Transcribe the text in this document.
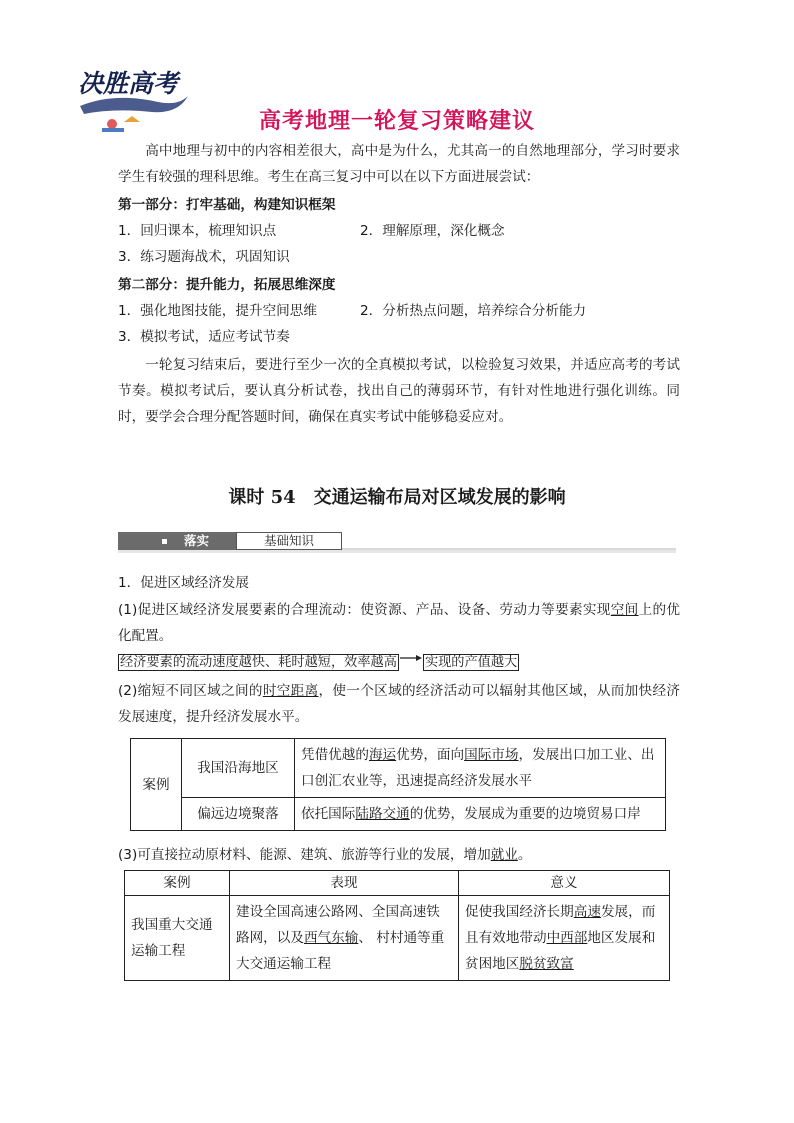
决胜高考
高考地理一轮复习策略建议
高中地理与初中的内容相差很大，高中是为什么，尤其高一的自然地理部分，学习时要求学生有较强的理科思维。考生在高三复习中可以在以下方面进展尝试：
第一部分：打牢基础，构建知识框架
1．回归课本，梳理知识点	2．理解原理，深化概念
3．练习题海战术，巩固知识
第二部分：提升能力，拓展思维深度
1．强化地图技能，提升空间思维	2．分析热点问题，培养综合分析能力
3．模拟考试，适应考试节奏
一轮复习结束后，要进行至少一次的全真模拟考试，以检验复习效果，并适应高考的考试节奏。模拟考试后，要认真分析试卷，找出自己的薄弱环节，有针对性地进行强化训练。同时，要学会合理分配答题时间，确保在真实考试中能够稳妥应对。
课时 54　交通运输布局对区域发展的影响
落实	基础知识
1．促进区域经济发展
(1)促进区域经济发展要素的合理流动：使资源、产品、设备、劳动力等要素实现空间上的优化配置。
经济要素的流动速度越快、耗时越短，效率越高 实现的产值越大
(2)缩短不同区域之间的时空距离，使一个区域的经济活动可以辐射其他区域，从而加快经济发展速度，提升经济发展水平。
案例	我国沿海地区	凭借优越的海运优势，面向国际市场，发展出口加工业、出口创汇农业等，迅速提高经济发展水平
	偏远边境聚落	依托国际陆路交通的优势，发展成为重要的边境贸易口岸
(3)可直接拉动原材料、能源、建筑、旅游等行业的发展，增加就业。
案例	表现	意义
我国重大交通运输工程	建设全国高速公路网、全国高速铁路网，以及西气东输、 村村通等重大交通运输工程	促使我国经济长期高速发展，而且有效地带动中西部地区发展和贫困地区脱贫致富
